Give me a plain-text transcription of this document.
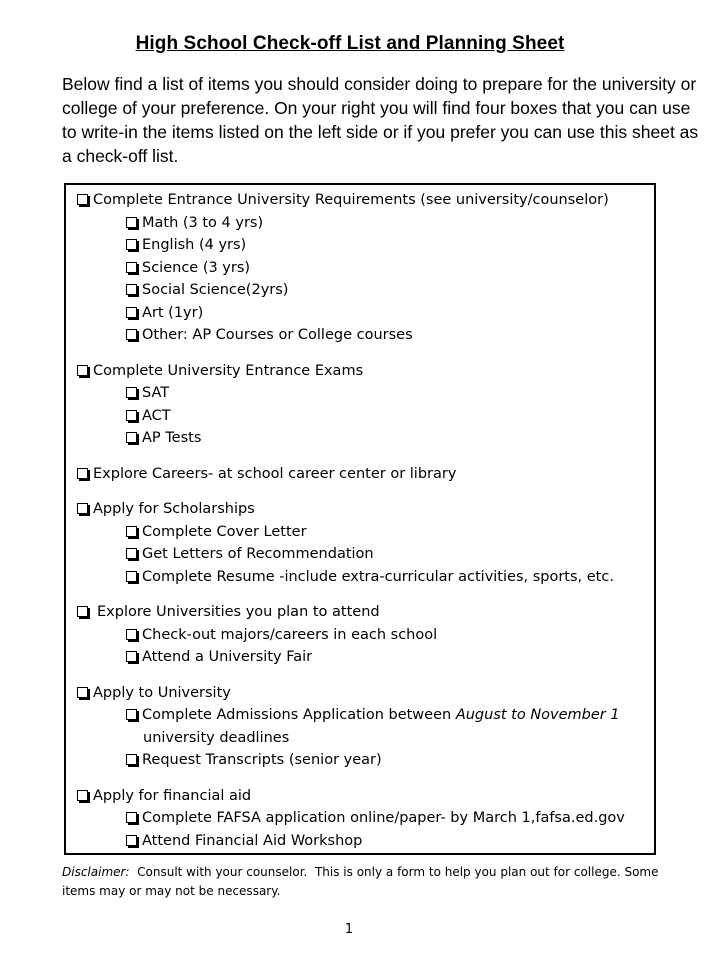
High School Check-off List and Planning Sheet
Below find a list of items you should consider doing to prepare for the university or college of your preference. On your right you will find four boxes that you can use to write-in the items listed on the left side or if you prefer you can use this sheet as a check-off list.
Complete Entrance University Requirements (see university/counselor)
Math (3 to 4 yrs)
English (4 yrs)
Science (3 yrs)
Social Science(2yrs)
Art (1yr)
Other: AP Courses or College courses
Complete University Entrance Exams
SAT
ACT
AP Tests
Explore Careers- at school career center or library
Apply for Scholarships
Complete Cover Letter
Get Letters of Recommendation
Complete Resume -include extra-curricular activities, sports, etc.
Explore Universities you plan to attend
Check-out majors/careers in each school
Attend a University Fair
Apply to University
Complete Admissions Application between August to November 1
university deadlines
Request Transcripts (senior year)
Apply for financial aid
Complete FAFSA application online/paper- by March 1,fafsa.ed.gov
Attend Financial Aid Workshop
Disclaimer:  Consult with your counselor.  This is only a form to help you plan out for college. Some items may or may not be necessary.
1
